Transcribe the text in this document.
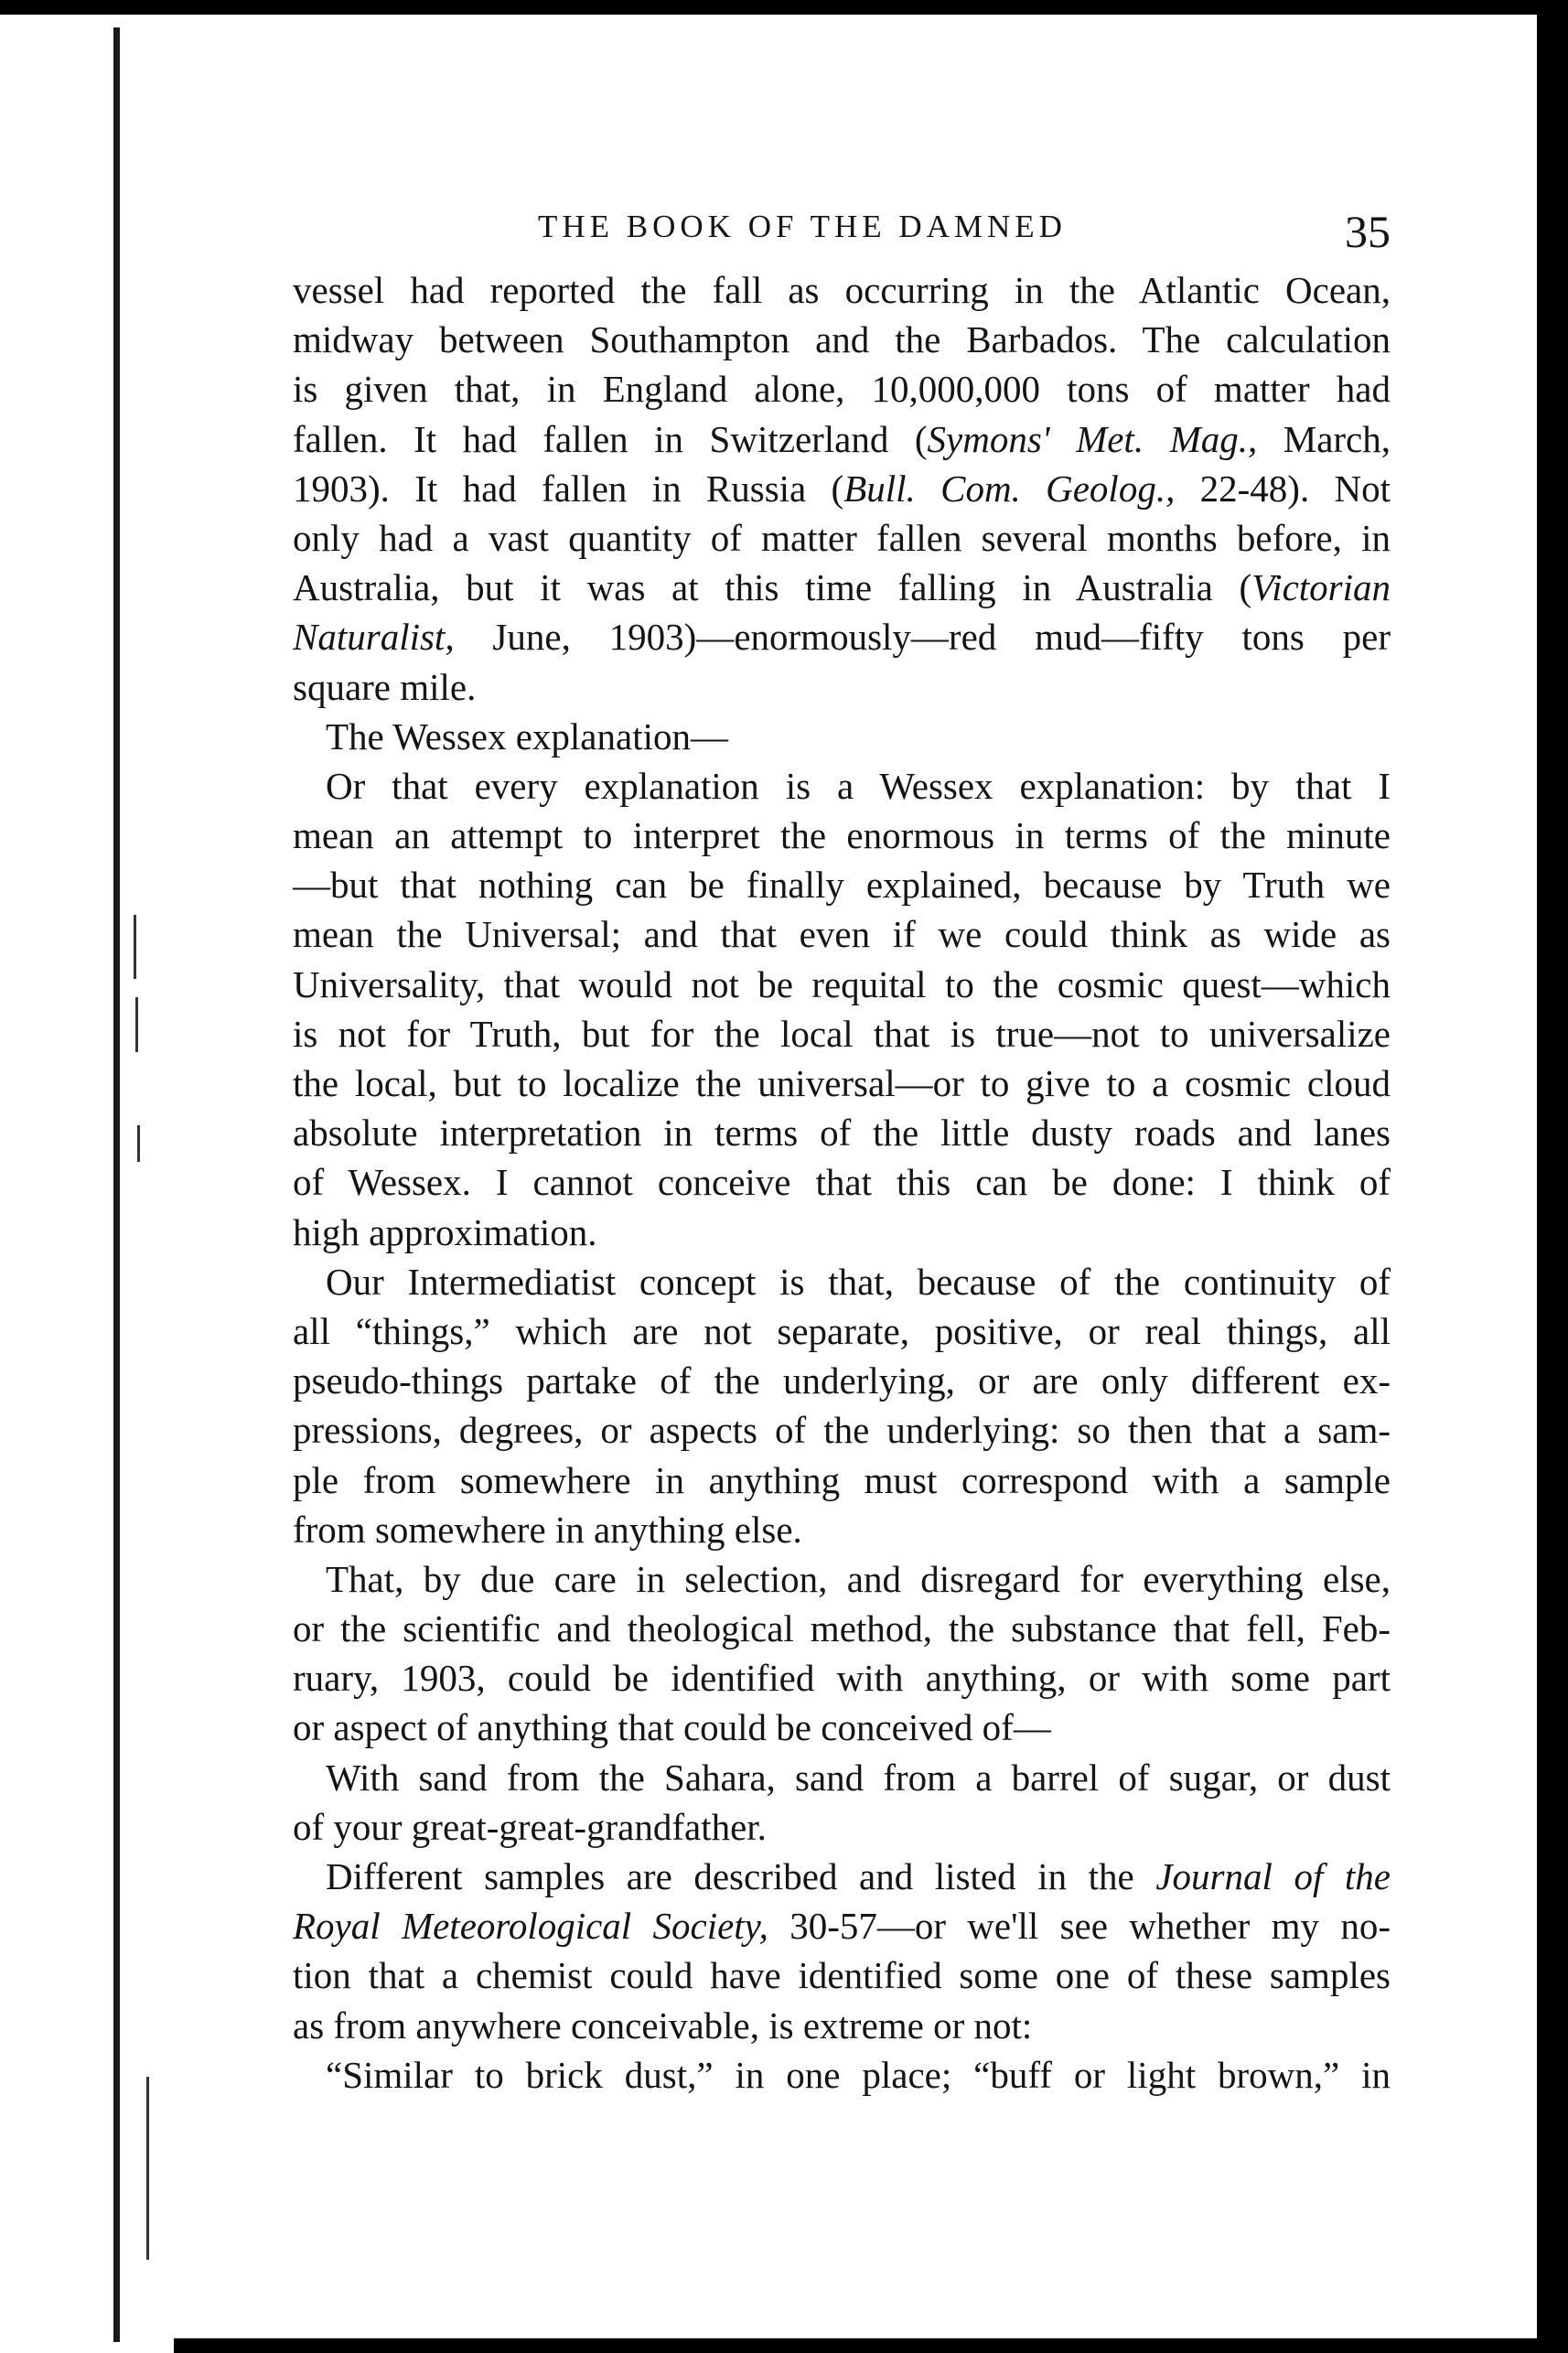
THE BOOK OF THE DAMNED	35
vessel had reported the fall as occurring in the Atlantic Ocean,
midway between Southampton and the Barbados. The calculation
is given that, in England alone, 10,000,000 tons of matter had
fallen. It had fallen in Switzerland (Symons' Met. Mag., March,
1903). It had fallen in Russia (Bull. Com. Geolog., 22-48). Not
only had a vast quantity of matter fallen several months before, in
Australia, but it was at this time falling in Australia (Victorian
Naturalist, June, 1903)—enormously—red mud—fifty tons per
square mile.
The Wessex explanation—
Or that every explanation is a Wessex explanation: by that I
mean an attempt to interpret the enormous in terms of the minute
—but that nothing can be finally explained, because by Truth we
mean the Universal; and that even if we could think as wide as
Universality, that would not be requital to the cosmic quest—which
is not for Truth, but for the local that is true—not to universalize
the local, but to localize the universal—or to give to a cosmic cloud
absolute interpretation in terms of the little dusty roads and lanes
of Wessex. I cannot conceive that this can be done: I think of
high approximation.
Our Intermediatist concept is that, because of the continuity of
all “things,” which are not separate, positive, or real things, all
pseudo-things partake of the underlying, or are only different ex-
pressions, degrees, or aspects of the underlying: so then that a sam-
ple from somewhere in anything must correspond with a sample
from somewhere in anything else.
That, by due care in selection, and disregard for everything else,
or the scientific and theological method, the substance that fell, Feb-
ruary, 1903, could be identified with anything, or with some part
or aspect of anything that could be conceived of—
With sand from the Sahara, sand from a barrel of sugar, or dust
of your great-great-grandfather.
Different samples are described and listed in the Journal of the
Royal Meteorological Society, 30-57—or we'll see whether my no-
tion that a chemist could have identified some one of these samples
as from anywhere conceivable, is extreme or not:
“Similar to brick dust,” in one place; “buff or light brown,” in
